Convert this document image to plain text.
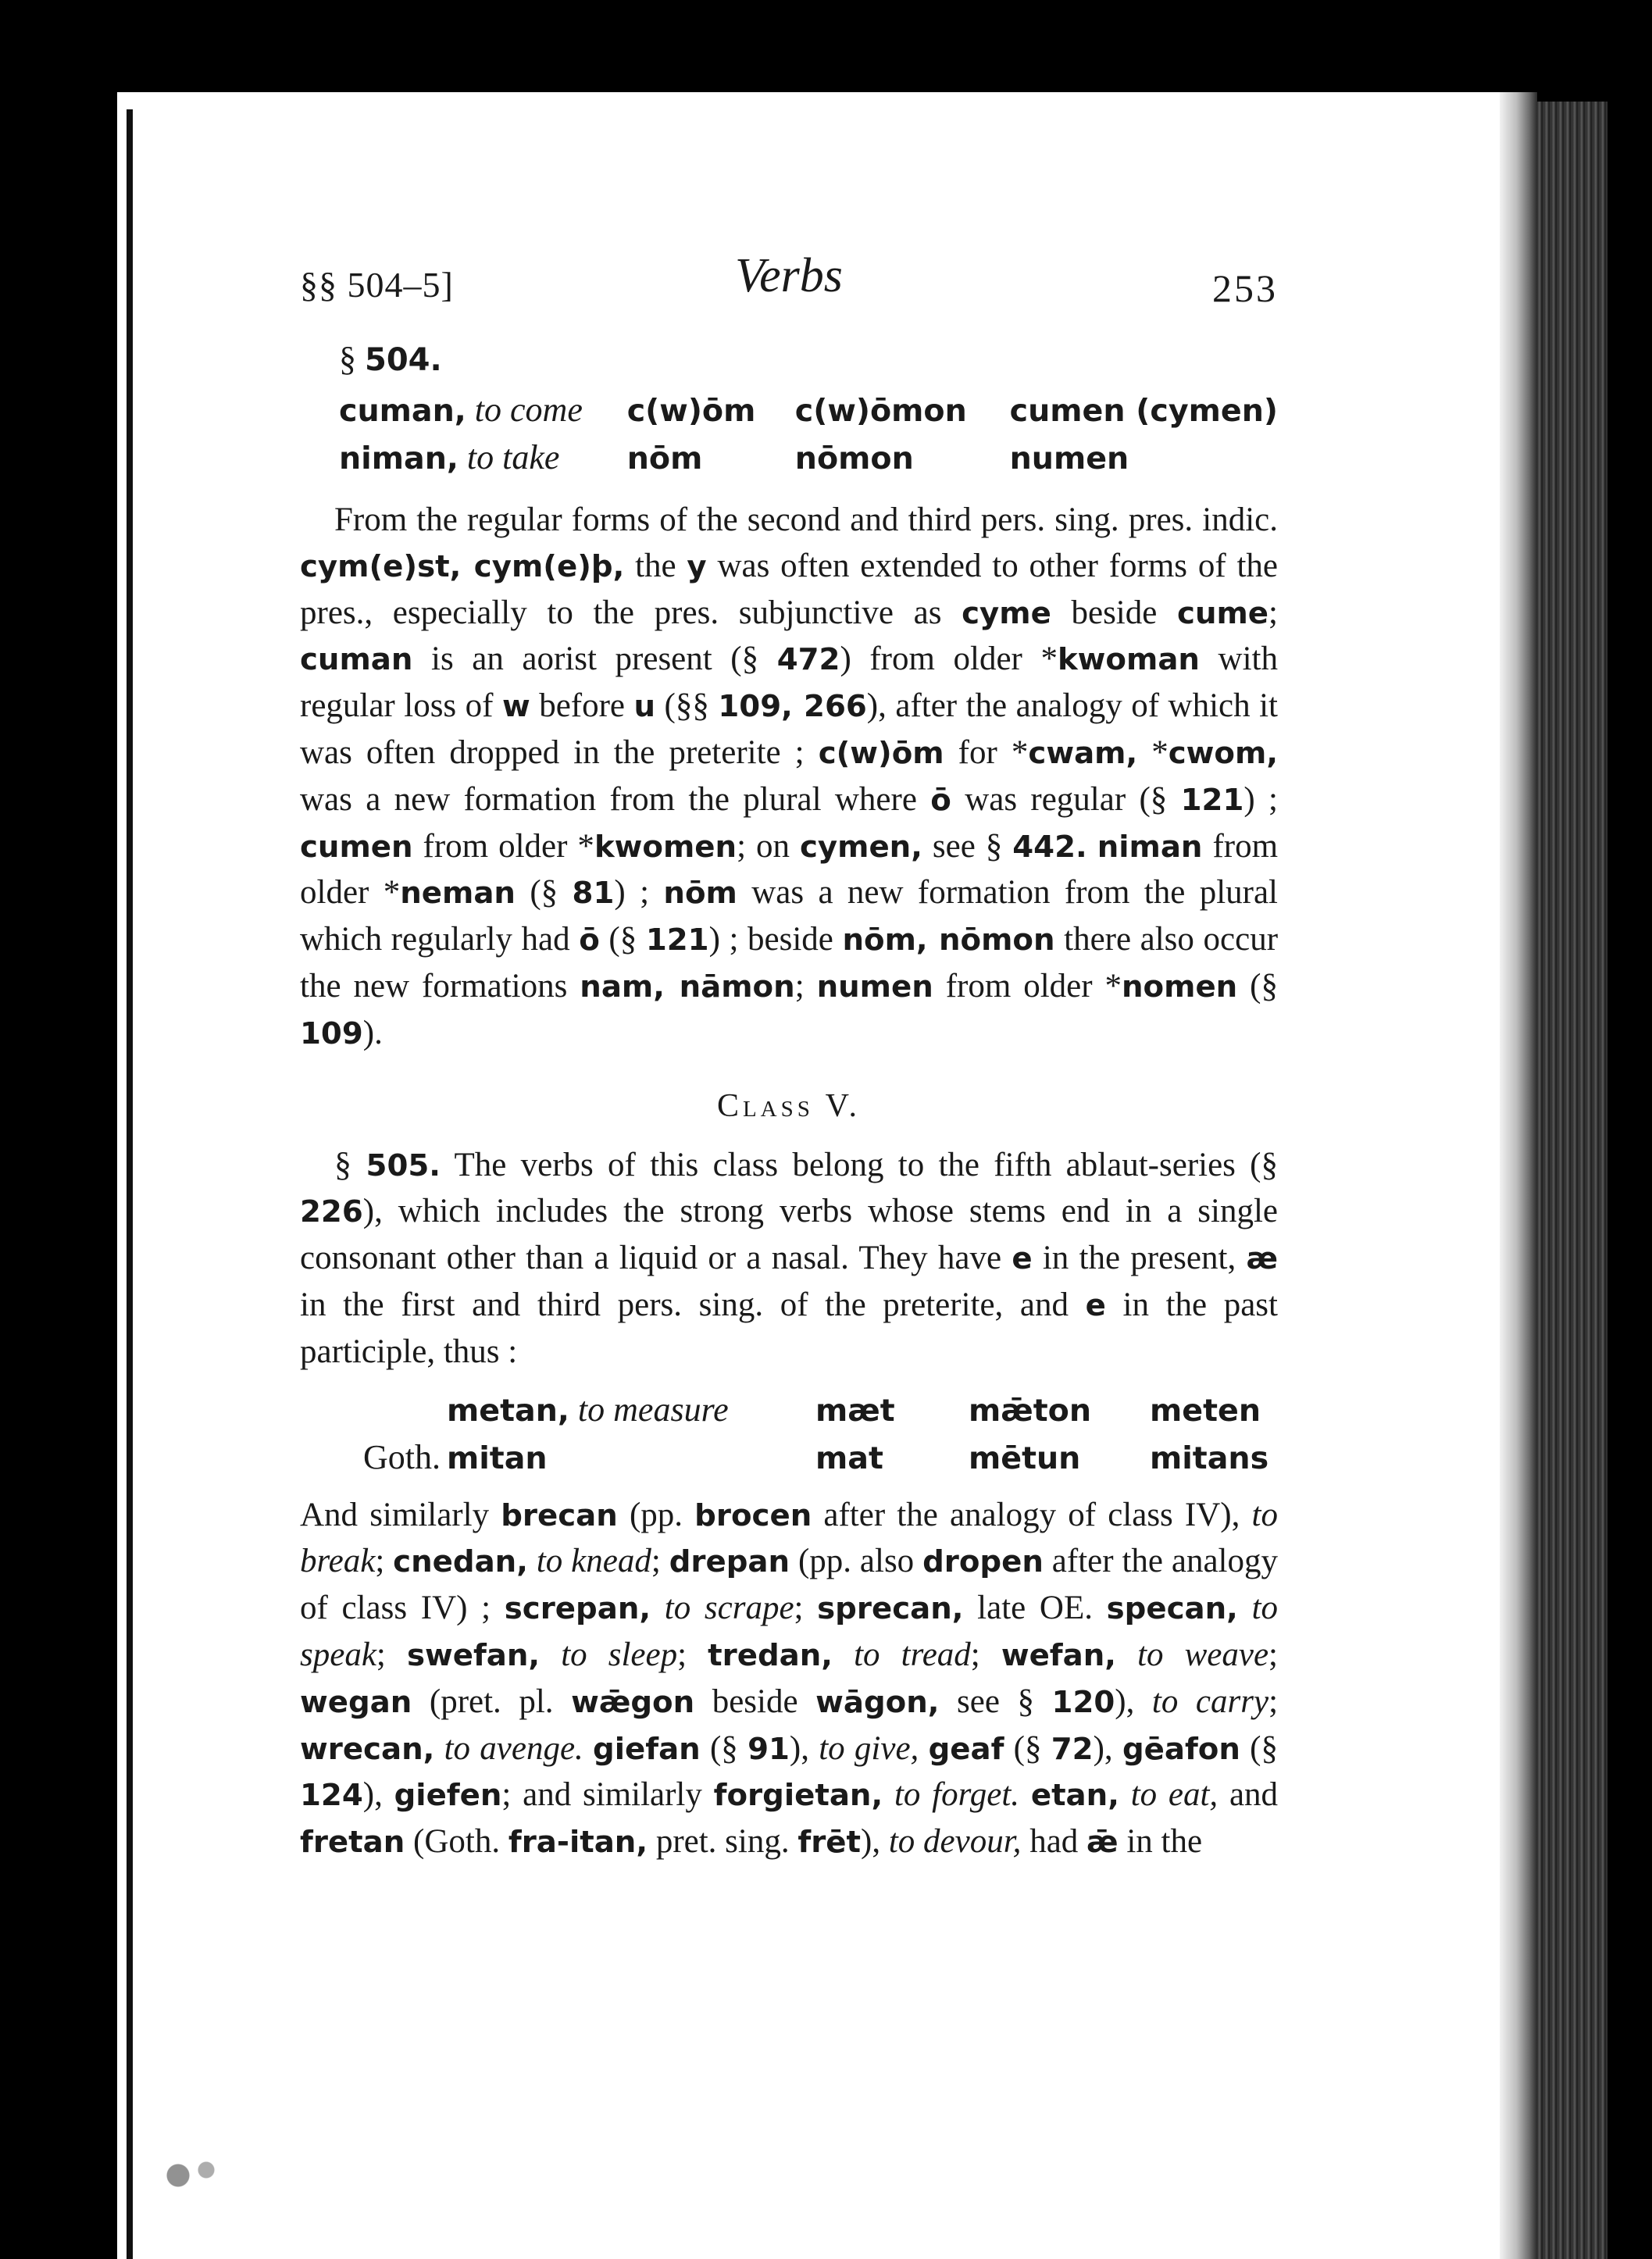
§§ 504–5]	Verbs	253
§ 504.
cuman, to come	c(w)ōm	c(w)ōmon	cumen (cymen)
niman, to take	nōm	nōmon	numen

From the regular forms of the second and third pers. sing. pres. indic. cym(e)st, cym(e)þ, the y was often extended to other forms of the pres., especially to the pres. subjunctive as cyme beside cume; cuman is an aorist present (§ 472) from older *kwoman with regular loss of w before u (§§ 109, 266), after the analogy of which it was often dropped in the preterite ; c(w)ōm for *cwam, *cwom, was a new formation from the plural where ō was regular (§ 121) ; cumen from older *kwomen; on cymen, see § 442. niman from older *neman (§ 81) ; nōm was a new formation from the plural which regularly had ō (§ 121) ; beside nōm, nōmon there also occur the new formations nam, nāmon; numen from older *nomen (§ 109).

Class V.

§ 505. The verbs of this class belong to the fifth ablaut-series (§ 226), which includes the strong verbs whose stems end in a single consonant other than a liquid or a nasal. They have e in the present, æ in the first and third pers. sing. of the preterite, and e in the past participle, thus :

	metan, to measure	mæt	mǣton	meten
Goth.	mitan	mat	mētun	mitans

And similarly brecan (pp. brocen after the analogy of class IV), to break; cnedan, to knead; drepan (pp. also dropen after the analogy of class IV) ; screpan, to scrape; sprecan, late OE. specan, to speak; swefan, to sleep; tredan, to tread; wefan, to weave; wegan (pret. pl. wǣgon beside wāgon, see § 120), to carry; wrecan, to avenge. giefan (§ 91), to give, geaf (§ 72), gēafon (§ 124), giefen; and similarly forgietan, to forget. etan, to eat, and fretan (Goth. fra-itan, pret. sing. frēt), to devour, had ǣ in the
